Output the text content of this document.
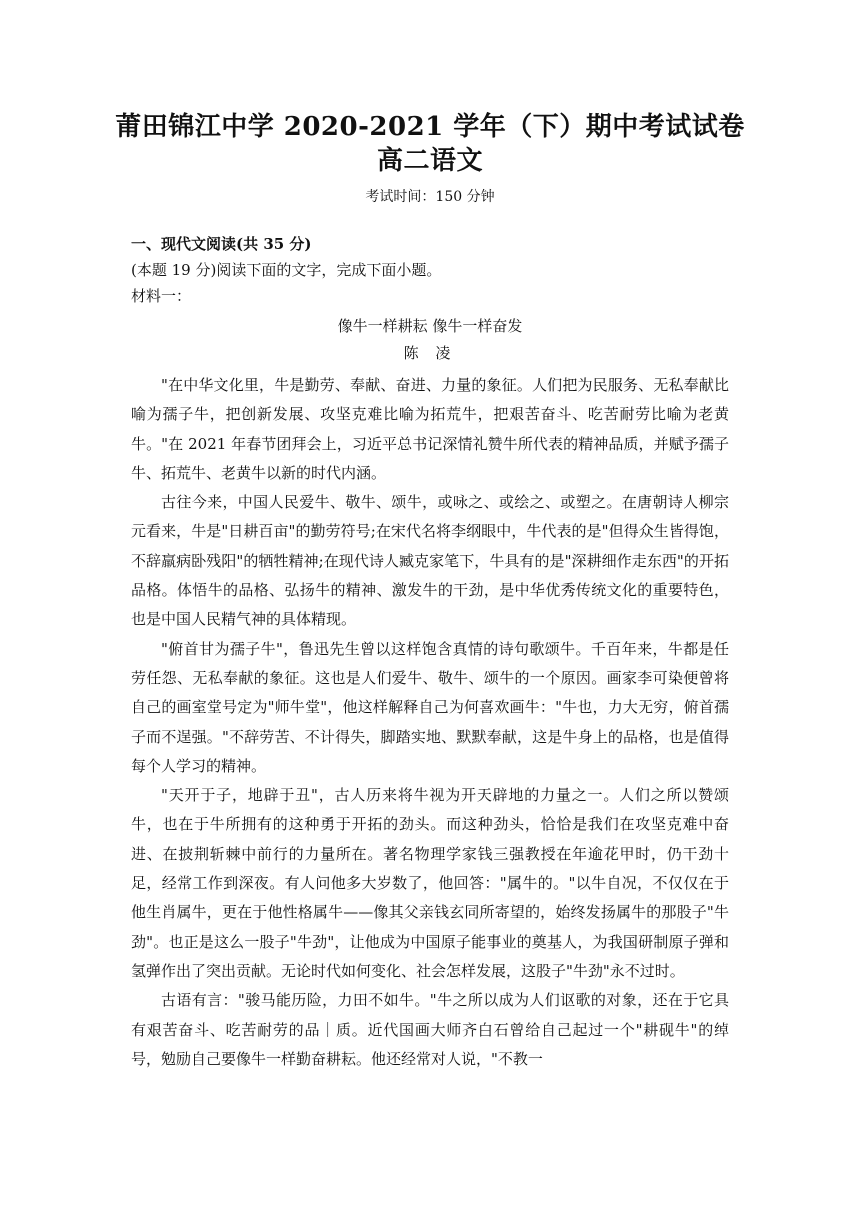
莆田锦江中学 2020-2021 学年（下）期中考试试卷
高二语文
考试时间：150 分钟
一、现代文阅读(共 35 分)
(本题 19 分)阅读下面的文字，完成下面小题。
材料一：
像牛一样耕耘 像牛一样奋发
陈 凌

"在中华文化里，牛是勤劳、奉献、奋进、力量的象征。人们把为民服务、无私奉献比喻为孺子牛，把创新发展、攻坚克难比喻为拓荒牛，把艰苦奋斗、吃苦耐劳比喻为老黄牛。"在 2021 年春节团拜会上，习近平总书记深情礼赞牛所代表的精神品质，并赋予孺子牛、拓荒牛、老黄牛以新的时代内涵。

古往今来，中国人民爱牛、敬牛、颂牛，或咏之、或绘之、或塑之。在唐朝诗人柳宗元看来，牛是"日耕百亩"的勤劳符号;在宋代名将李纲眼中，牛代表的是"但得众生皆得饱，不辞羸病卧残阳"的牺牲精神;在现代诗人臧克家笔下，牛具有的是"深耕细作走东西"的开拓品格。体悟牛的品格、弘扬牛的精神、激发牛的干劲，是中华优秀传统文化的重要特色，也是中国人民精气神的具体精现。

"俯首甘为孺子牛"，鲁迅先生曾以这样饱含真情的诗句歌颂牛。千百年来，牛都是任劳任怨、无私奉献的象征。这也是人们爱牛、敬牛、颂牛的一个原因。画家李可染便曾将自己的画室堂号定为"师牛堂"，他这样解释自己为何喜欢画牛："牛也，力大无穷，俯首孺子而不逞强。"不辞劳苦、不计得失，脚踏实地、默默奉献，这是牛身上的品格，也是值得每个人学习的精神。

"天开于子，地辟于丑"，古人历来将牛视为开天辟地的力量之一。人们之所以赞颂牛，也在于牛所拥有的这种勇于开拓的劲头。而这种劲头，恰恰是我们在攻坚克难中奋进、在披荆斩棘中前行的力量所在。著名物理学家钱三强教授在年逾花甲时，仍干劲十足，经常工作到深夜。有人问他多大岁数了，他回答："属牛的。"以牛自况，不仅仅在于他生肖属牛，更在于他性格属牛——像其父亲钱玄同所寄望的，始终发扬属牛的那股子"牛劲"。也正是这么一股子"牛劲"，让他成为中国原子能事业的奠基人，为我国研制原子弹和氢弹作出了突出贡献。无论时代如何变化、社会怎样发展，这股子"牛劲"永不过时。

古语有言："骏马能历险，力田不如牛。"牛之所以成为人们讴歌的对象，还在于它具有艰苦奋斗、吃苦耐劳的品｜质。近代国画大师齐白石曾给自己起过一个"耕砚牛"的绰号，勉励自己要像牛一样勤奋耕耘。他还经常对人说，"不教一
